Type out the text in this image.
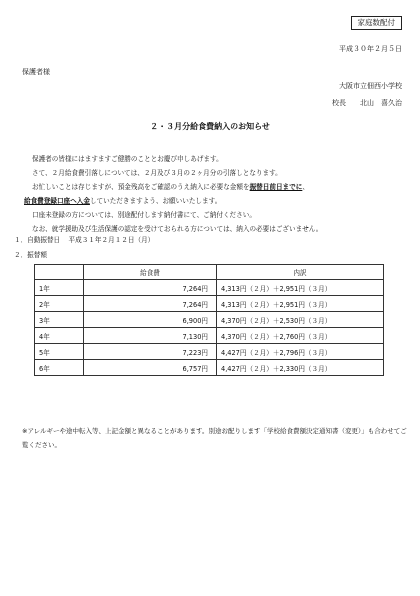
家庭数配付
平成３０年２月５日
保護者様
大阪市立佃西小学校
校長　　北山　喜久治
２・３月分給食費納入のお知らせ
保護者の皆様にはますますご健勝のこととお慶び申しあげます。
さて、２月給食費引落しについては、２月及び３月の２ヶ月分の引落しとなります。
お忙しいことは存じますが、預金残高をご確認のうえ納入に必要な金額を振替日前日までに、
給食費登録口座へ入金していただきますよう、お願いいたします。
口座未登録の方については、別途配付します納付書にて、ご納付ください。
なお、就学援助及び生活保護の認定を受けておられる方については、納入の必要はございません。
１．自動振替日 平成３１年２月１２日（月）
２．振替額
	給食費	内訳
1年	7,264円	4,313円（２月）＋2,951円（３月）
2年	7,264円	4,313円（２月）＋2,951円（３月）
3年	6,900円	4,370円（２月）＋2,530円（３月）
4年	7,130円	4,370円（２月）＋2,760円（３月）
5年	7,223円	4,427円（２月）＋2,796円（３月）
6年	6,757円	4,427円（２月）＋2,330円（３月）
※アレルギーや途中転入等、上記金額と異なることがあります。別途お配りします「学校給食費額決定通知書（変更）」も合わせてご覧ください。
